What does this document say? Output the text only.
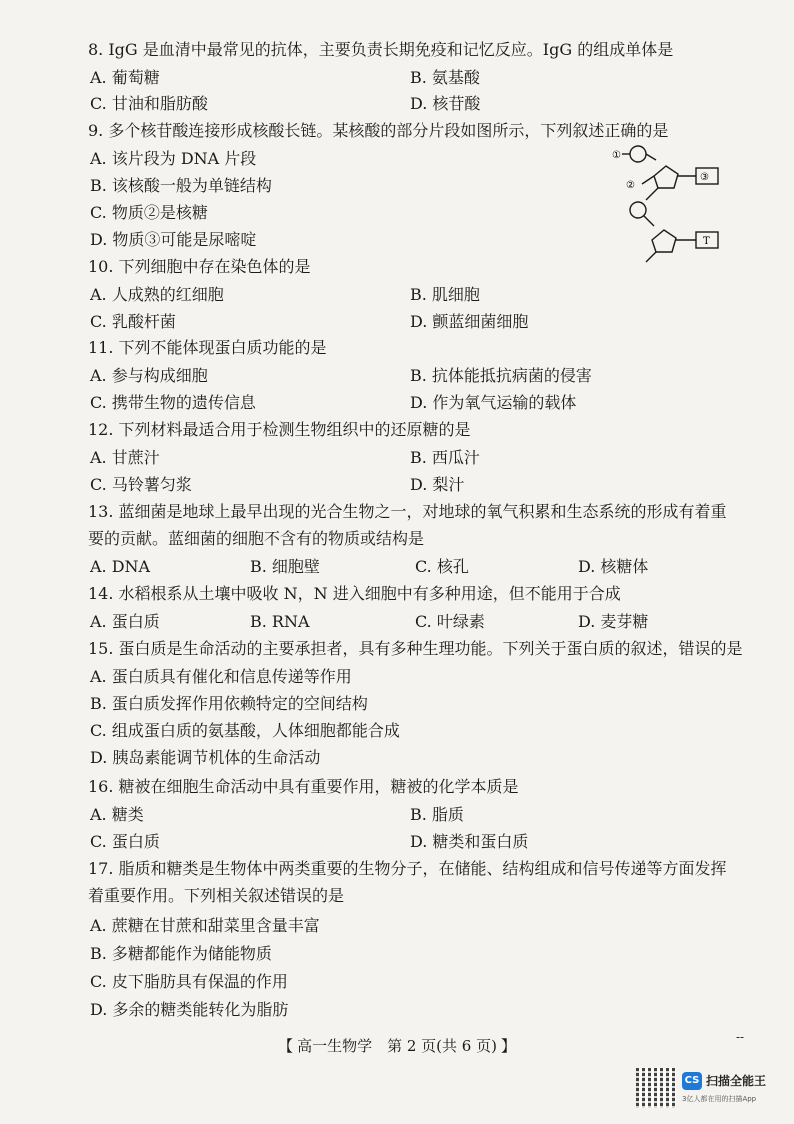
8. IgG 是血清中最常见的抗体，主要负责长期免疫和记忆反应。IgG 的组成单体是
A. 葡萄糖	B. 氨基酸
C. 甘油和脂肪酸	D. 核苷酸
9. 多个核苷酸连接形成核酸长链。某核酸的部分片段如图所示，下列叙述正确的是
A. 该片段为 DNA 片段
B. 该核酸一般为单链结构
C. 物质②是核糖
D. 物质③可能是尿嘧啶
①
②
③
T
10. 下列细胞中存在染色体的是
A. 人成熟的红细胞	B. 肌细胞
C. 乳酸杆菌	D. 颤蓝细菌细胞
11. 下列不能体现蛋白质功能的是
A. 参与构成细胞	B. 抗体能抵抗病菌的侵害
C. 携带生物的遗传信息	D. 作为氧气运输的载体
12. 下列材料最适合用于检测生物组织中的还原糖的是
A. 甘蔗汁	B. 西瓜汁
C. 马铃薯匀浆	D. 梨汁
13. 蓝细菌是地球上最早出现的光合生物之一，对地球的氧气积累和生态系统的形成有着重要的贡献。蓝细菌的细胞不含有的物质或结构是
A. DNA	B. 细胞壁	C. 核孔	D. 核糖体
14. 水稻根系从土壤中吸收 N，N 进入细胞中有多种用途，但不能用于合成
A. 蛋白质	B. RNA	C. 叶绿素	D. 麦芽糖
15. 蛋白质是生命活动的主要承担者，具有多种生理功能。下列关于蛋白质的叙述，错误的是
A. 蛋白质具有催化和信息传递等作用
B. 蛋白质发挥作用依赖特定的空间结构
C. 组成蛋白质的氨基酸，人体细胞都能合成
D. 胰岛素能调节机体的生命活动
16. 糖被在细胞生命活动中具有重要作用，糖被的化学本质是
A. 糖类	B. 脂质
C. 蛋白质	D. 糖类和蛋白质
17. 脂质和糖类是生物体中两类重要的生物分子，在储能、结构组成和信号传递等方面发挥着重要作用。下列相关叙述错误的是
A. 蔗糖在甘蔗和甜菜里含量丰富
B. 多糖都能作为储能物质
C. 皮下脂肪具有保温的作用
D. 多余的糖类能转化为脂肪
【 高一生物学　第 2 页(共 6 页) 】	--
CS 扫描全能王
3亿人都在用的扫描App
